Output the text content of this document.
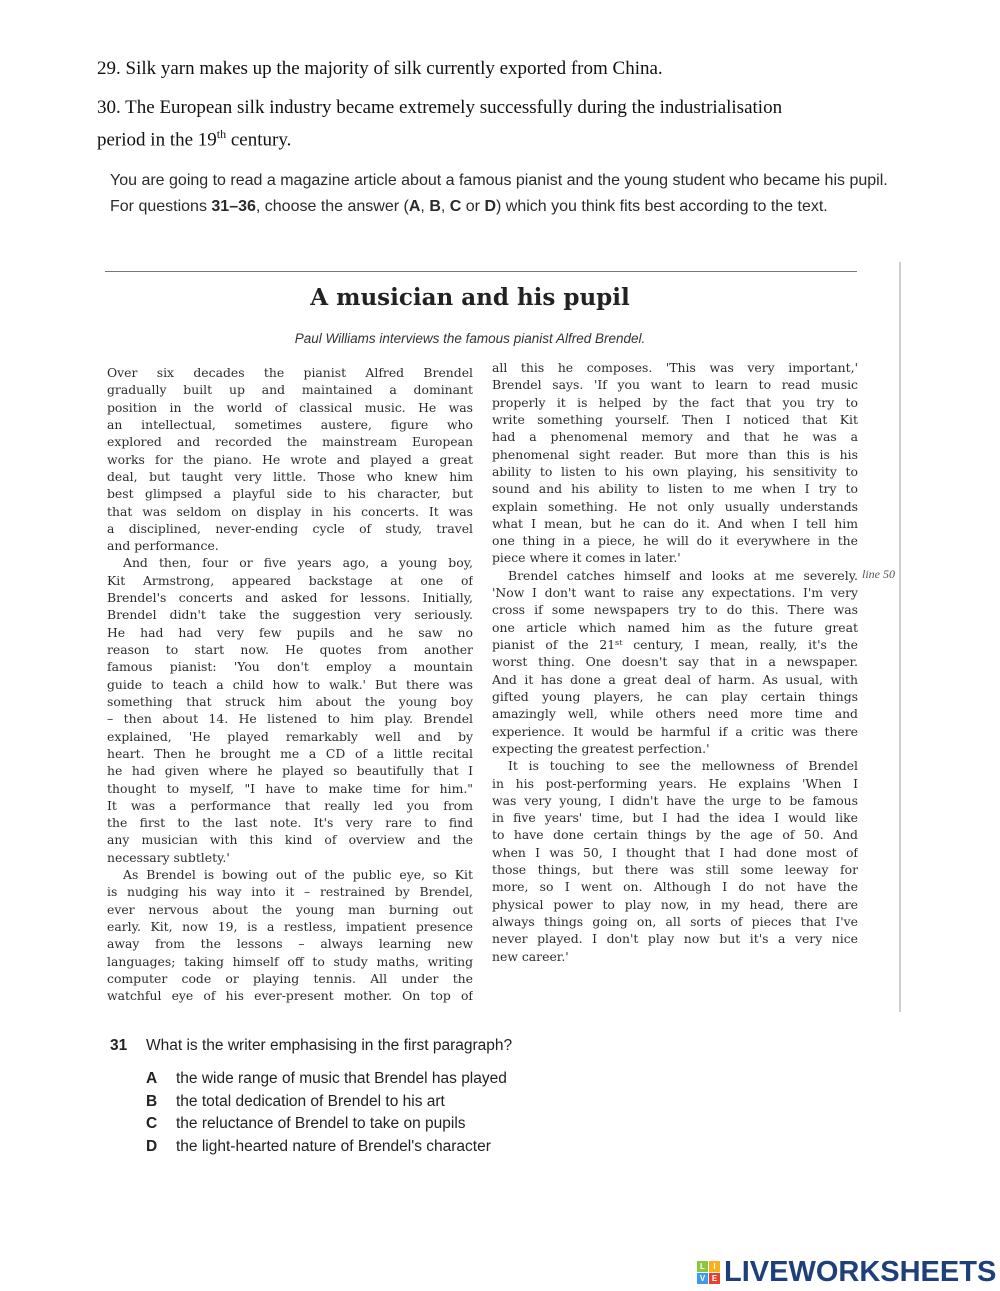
29. Silk yarn makes up the majority of silk currently exported from China.
30. The European silk industry became extremely successfully during the industrialisation
period in the 19th century.
You are going to read a magazine article about a famous pianist and the young student who became his pupil. For questions 31–36, choose the answer (A, B, C or D) which you think fits best according to the text.
A musician and his pupil
Paul Williams interviews the famous pianist Alfred Brendel.
Over six decades the pianist Alfred Brendel
gradually built up and maintained a dominant
position in the world of classical music. He was
an intellectual, sometimes austere, figure who
explored and recorded the mainstream European
works for the piano. He wrote and played a great
deal, but taught very little. Those who knew him
best glimpsed a playful side to his character, but
that was seldom on display in his concerts. It was
a disciplined, never-ending cycle of study, travel
and performance.
And then, four or five years ago, a young boy,
Kit Armstrong, appeared backstage at one of
Brendel's concerts and asked for lessons. Initially,
Brendel didn't take the suggestion very seriously.
He had had very few pupils and he saw no
reason to start now. He quotes from another
famous pianist: 'You don't employ a mountain
guide to teach a child how to walk.' But there was
something that struck him about the young boy
– then about 14. He listened to him play. Brendel
explained, 'He played remarkably well and by
heart. Then he brought me a CD of a little recital
he had given where he played so beautifully that I
thought to myself, "I have to make time for him."
It was a performance that really led you from
the first to the last note. It's very rare to find
any musician with this kind of overview and the
necessary subtlety.'
As Brendel is bowing out of the public eye, so Kit
is nudging his way into it – restrained by Brendel,
ever nervous about the young man burning out
early. Kit, now 19, is a restless, impatient presence
away from the lessons – always learning new
languages; taking himself off to study maths, writing
computer code or playing tennis. All under the
watchful eye of his ever-present mother. On top of
all this he composes. 'This was very important,'
Brendel says. 'If you want to learn to read music
properly it is helped by the fact that you try to
write something yourself. Then I noticed that Kit
had a phenomenal memory and that he was a
phenomenal sight reader. But more than this is his
ability to listen to his own playing, his sensitivity to
sound and his ability to listen to me when I try to
explain something. He not only usually understands
what I mean, but he can do it. And when I tell him
one thing in a piece, he will do it everywhere in the
piece where it comes in later.'
Brendel catches himself and looks at me severely.
'Now I don't want to raise any expectations. I'm very
cross if some newspapers try to do this. There was
one article which named him as the future great
pianist of the 21ˢᵗ century, I mean, really, it's the
worst thing. One doesn't say that in a newspaper.
And it has done a great deal of harm. As usual, with
gifted young players, he can play certain things
amazingly well, while others need more time and
experience. It would be harmful if a critic was there
expecting the greatest perfection.'
It is touching to see the mellowness of Brendel
in his post-performing years. He explains 'When I
was very young, I didn't have the urge to be famous
in five years' time, but I had the idea I would like
to have done certain things by the age of 50. And
when I was 50, I thought that I had done most of
those things, but there was still some leeway for
more, so I went on. Although I do not have the
physical power to play now, in my head, there are
always things going on, all sorts of pieces that I've
never played. I don't play now but it's a very nice
new career.'
line 50
31 What is the writer emphasising in the first paragraph?
A the wide range of music that Brendel has played
B the total dedication of Brendel to his art
C the reluctance of Brendel to take on pupils
D the light-hearted nature of Brendel's character
L	I
V E LIVEWORKSHEETS
